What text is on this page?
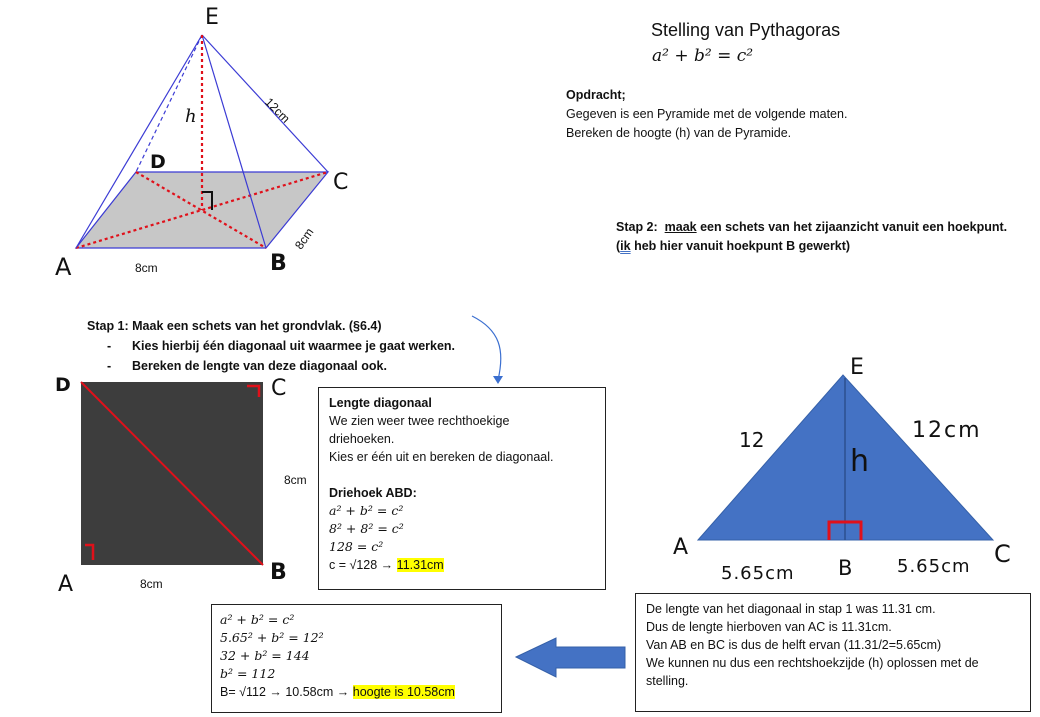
E
D
C
A	B
h	12cm
8cm
8cm
Stelling van Pythagoras
a² + b² = c²
Opdracht;
Gegeven is een Pyramide met de volgende maten.
Bereken de hoogte (h) van de Pyramide.
Stap 2: maak een schets van het zijaanzicht vanuit een hoekpunt.
(ik heb hier vanuit hoekpunt B gewerkt)
Stap 1: Maak een schets van het grondvlak. (§6.4)
-      Kies hierbij één diagonaal uit waarmee je gaat werken.
-      Bereken de lengte van deze diagonaal ook.
D	C
A	B
8cm
8cm
Lengte diagonaal
We zien weer twee rechthoekige
driehoeken.
Kies er één uit en bereken de diagonaal.
Driehoek ABD:
a² + b² = c²
8² + 8² = c²
128 = c²
c = √128 → 11.31cm
E
A
B	C
h
12	12cm
5.65cm	5.65cm
De lengte van het diagonaal in stap 1 was 11.31 cm.
Dus de lengte hierboven van AC is 11.31cm.
Van AB en BC is dus de helft ervan (11.31/2=5.65cm)
We kunnen nu dus een rechtshoekzijde (h) oplossen met de
stelling.
a² + b² = c²
5.65² + b² = 12²
32 + b² = 144
b² = 112
B= √112 → 10.58cm → hoogte is 10.58cm
